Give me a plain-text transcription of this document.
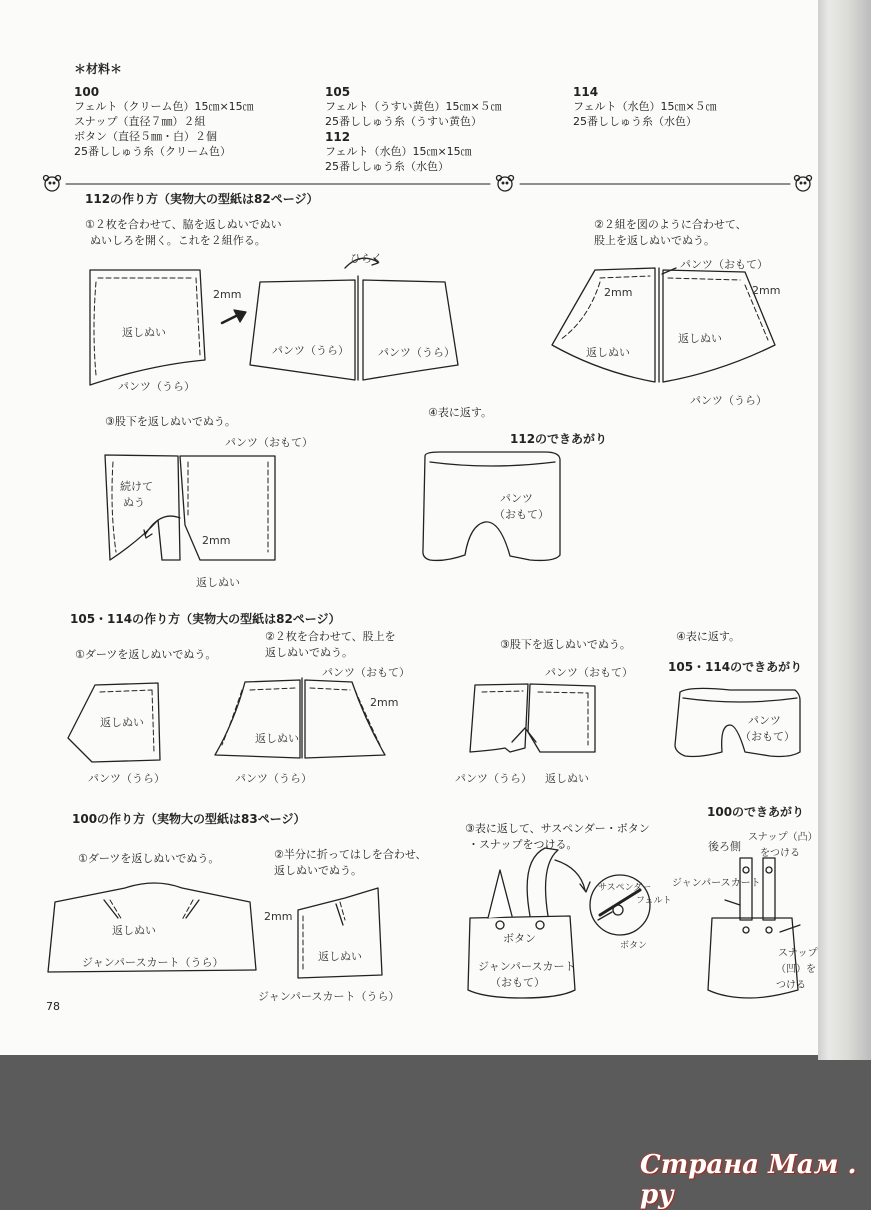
＊材料＊
100
フェルト（クリーム色）15㎝×15㎝
スナップ（直径７㎜）２組
ボタン（直径５㎜・白）２個
25番ししゅう糸（クリーム色）
105
フェルト（うすい黄色）15㎝×５㎝
25番ししゅう糸（うすい黄色）
112
フェルト（水色）15㎝×15㎝
25番ししゅう糸（水色）
114
フェルト（水色）15㎝×５㎝
25番ししゅう糸（水色）
112の作り方（実物大の型紙は82ページ）
①２枚を合わせて、脇を返しぬいでぬい
ぬいしろを開く。これを２組作る。
②２組を図のように合わせて、
股上を返しぬいでぬう。
2mm
返しぬい
パンツ（うら）
ひらく
パンツ（うら）	パンツ（うら）
パンツ（おもて）
2mm	2mm
返しぬい
返しぬい
パンツ（うら）
③股下を返しぬいでぬう。
④表に返す。
112のできあがり
パンツ（おもて）
続けて
ぬう
2mm
返しぬい
パンツ
（おもて）
105・114の作り方（実物大の型紙は82ページ）
①ダーツを返しぬいでぬう。
②２枚を合わせて、股上を
返しぬいでぬう。
③股下を返しぬいでぬう。
④表に返す。
105・114のできあがり
返しぬい
パンツ（うら）
パンツ（おもて）
2mm
返しぬい
パンツ（うら）
パンツ（おもて）
パンツ（うら） 返しぬい
パンツ
（おもて）
100の作り方（実物大の型紙は83ページ）
①ダーツを返しぬいでぬう。	②半分に折ってはしを合わせ、
返しぬいでぬう。
③表に返して、サスペンダー・ボタン
・スナップをつける。
100のできあがり
返しぬい
ジャンパースカート（うら）
2mm
返しぬい
ジャンパースカート（うら）
ボタン
ジャンパースカート
（おもて）
サスペンダー
フェルト
ボタン
後ろ側
ジャンパースカート
スナップ（凸）
をつける
スナップ
（凹）を
つける
78
Страна Мам . ру
